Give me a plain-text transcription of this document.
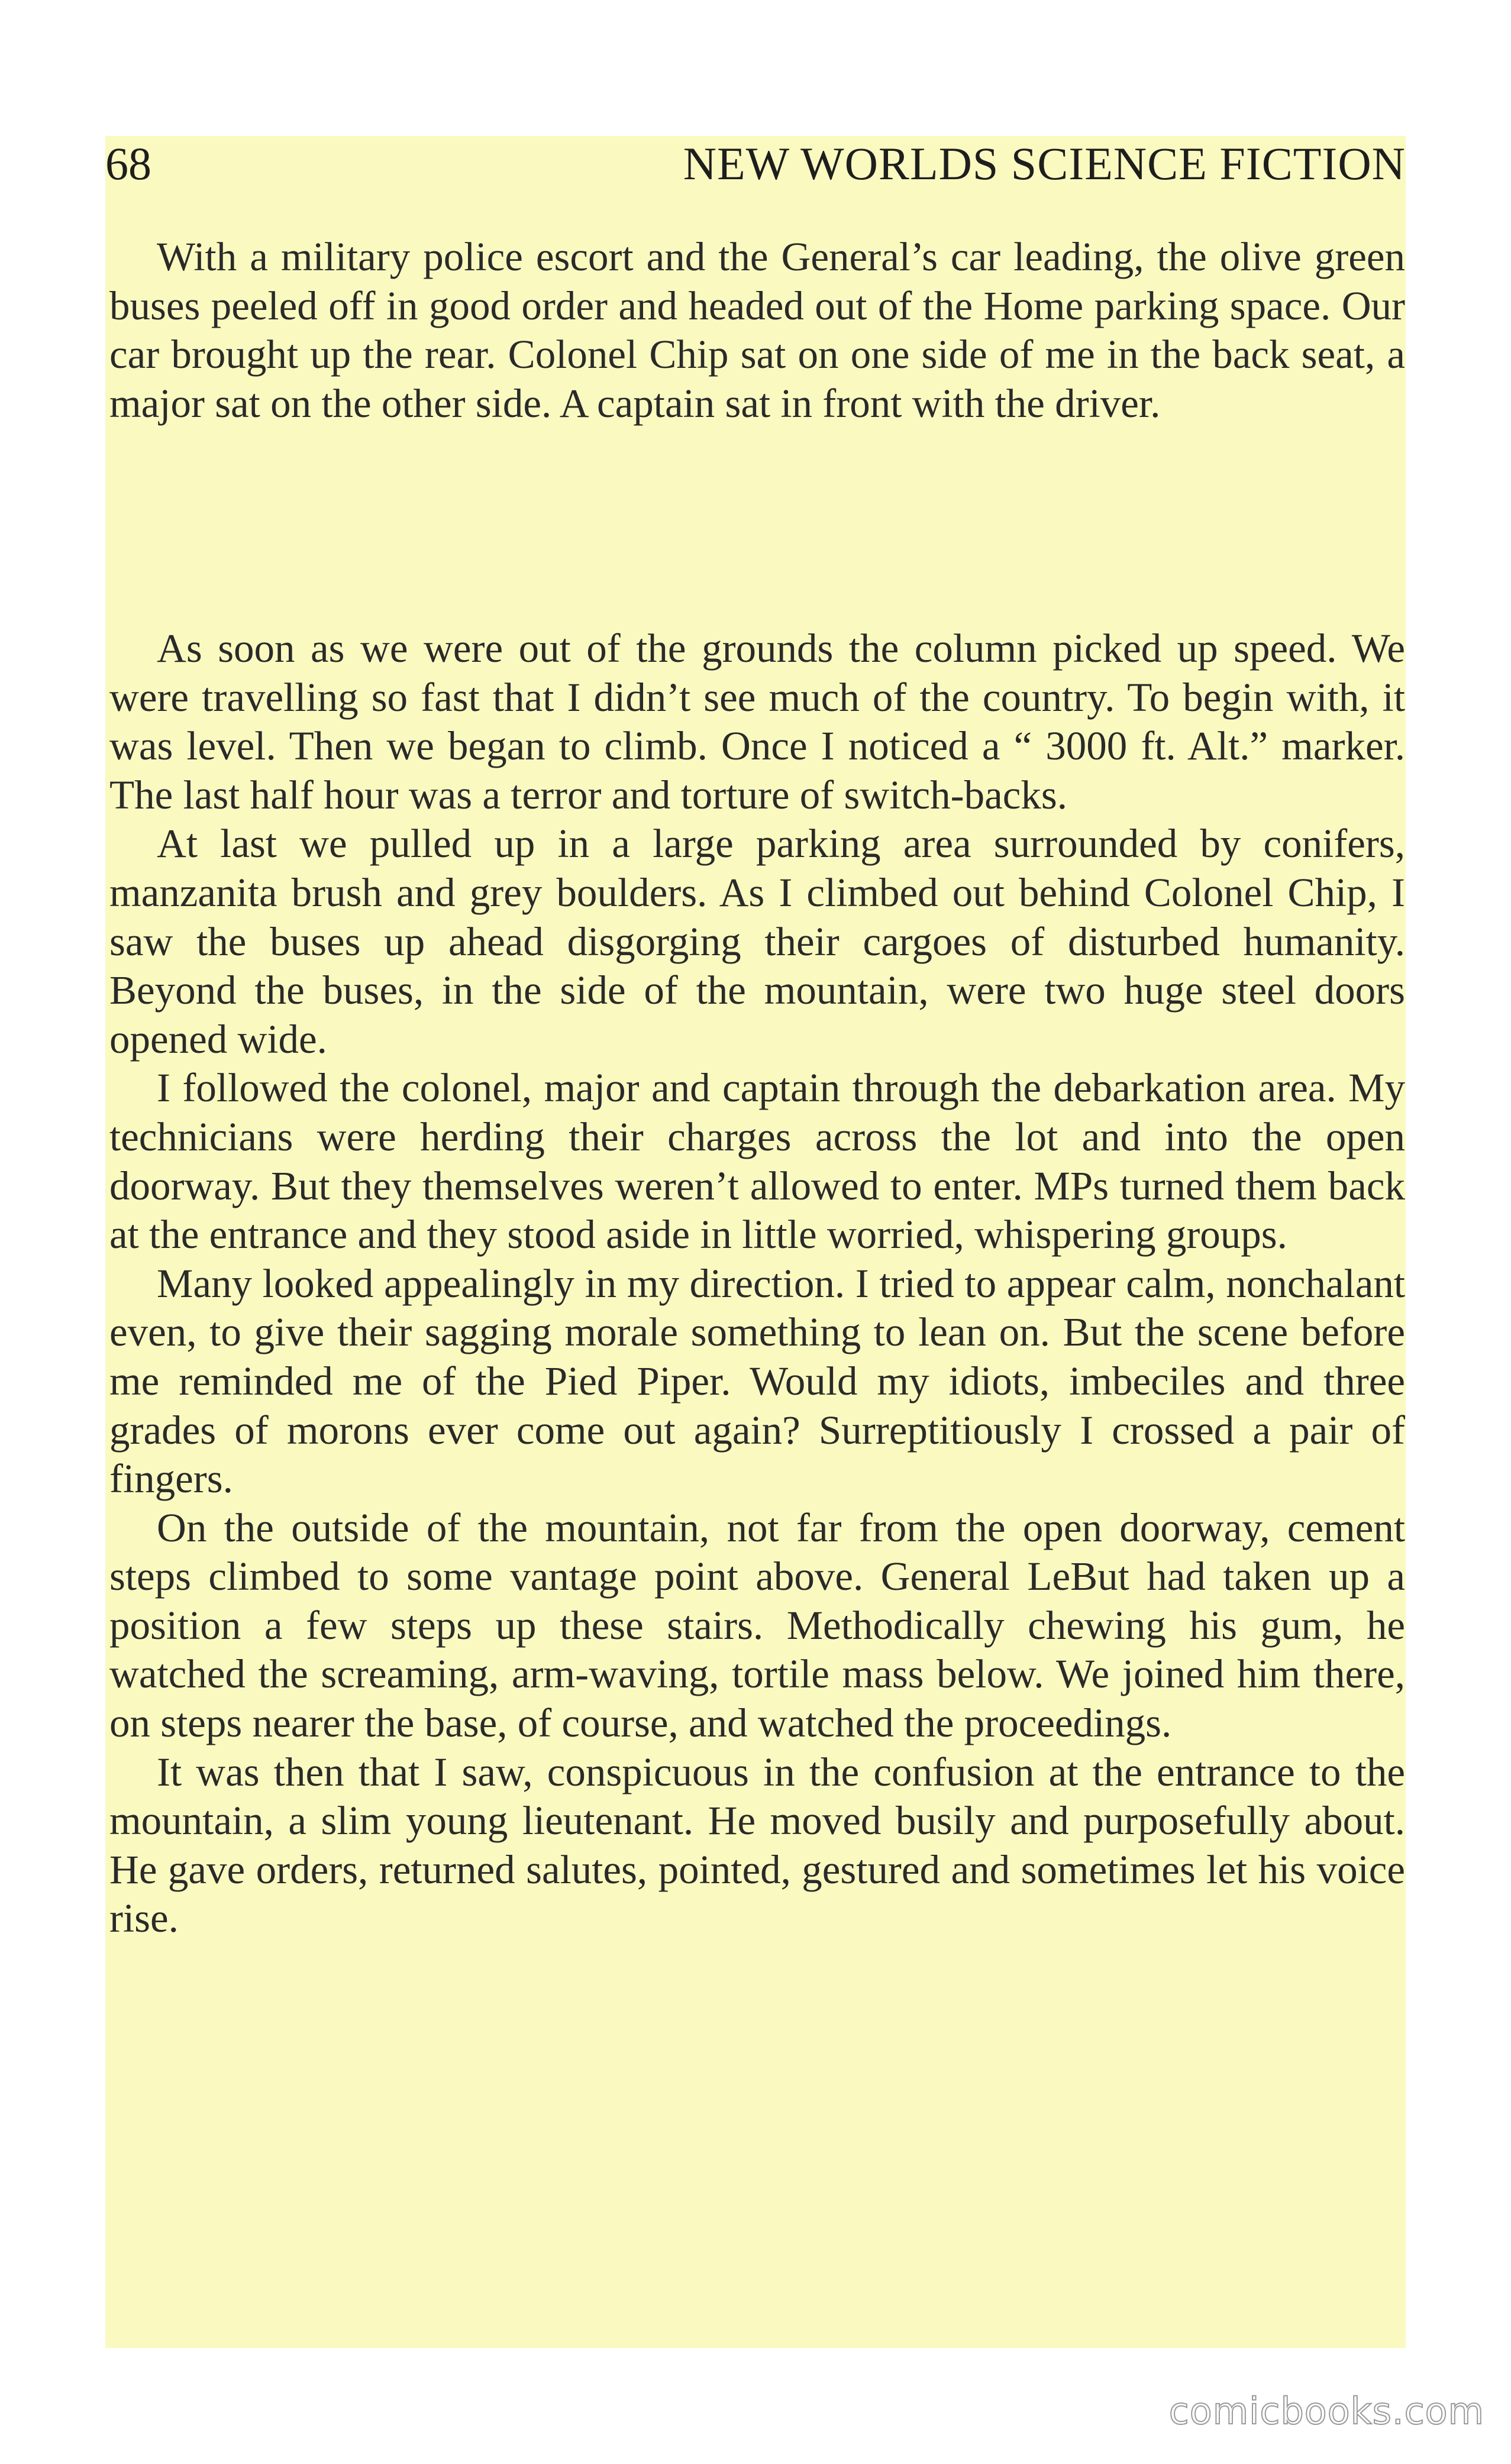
68	NEW WORLDS SCIENCE FICTION

With a military police escort and the General’s car leading, the olive green buses peeled off in good order and headed out of the Home parking space. Our car brought up the rear. Colonel Chip sat on one side of me in the back seat, a major sat on the other side. A captain sat in front with the driver.

As soon as we were out of the grounds the column picked up speed. We were travelling so fast that I didn’t see much of the country. To begin with, it was level. Then we began to climb. Once I noticed a “ 3000 ft. Alt.” marker. The last half hour was a terror and torture of switch-backs.

At last we pulled up in a large parking area surrounded by conifers, manzanita brush and grey boulders. As I climbed out behind Colonel Chip, I saw the buses up ahead disgorging their cargoes of disturbed humanity. Beyond the buses, in the side of the mountain, were two huge steel doors opened wide.

I followed the colonel, major and captain through the debarkation area. My technicians were herding their charges across the lot and into the open doorway. But they themselves weren’t allowed to enter. MPs turned them back at the entrance and they stood aside in little worried, whispering groups.

Many looked appealingly in my direction. I tried to appear calm, nonchalant even, to give their sagging morale something to lean on. But the scene before me reminded me of the Pied Piper. Would my idiots, imbeciles and three grades of morons ever come out again? Surreptitiously I crossed a pair of fingers.

On the outside of the mountain, not far from the open doorway, cement steps climbed to some vantage point above. General LeBut had taken up a position a few steps up these stairs. Methodically chewing his gum, he watched the screaming, arm-waving, tortile mass below. We joined him there, on steps nearer the base, of course, and watched the proceedings.

It was then that I saw, conspicuous in the confusion at the entrance to the mountain, a slim young lieutenant. He moved busily and purposefully about. He gave orders, returned salutes, pointed, gestured and sometimes let his voice rise.

comicbooks.com
